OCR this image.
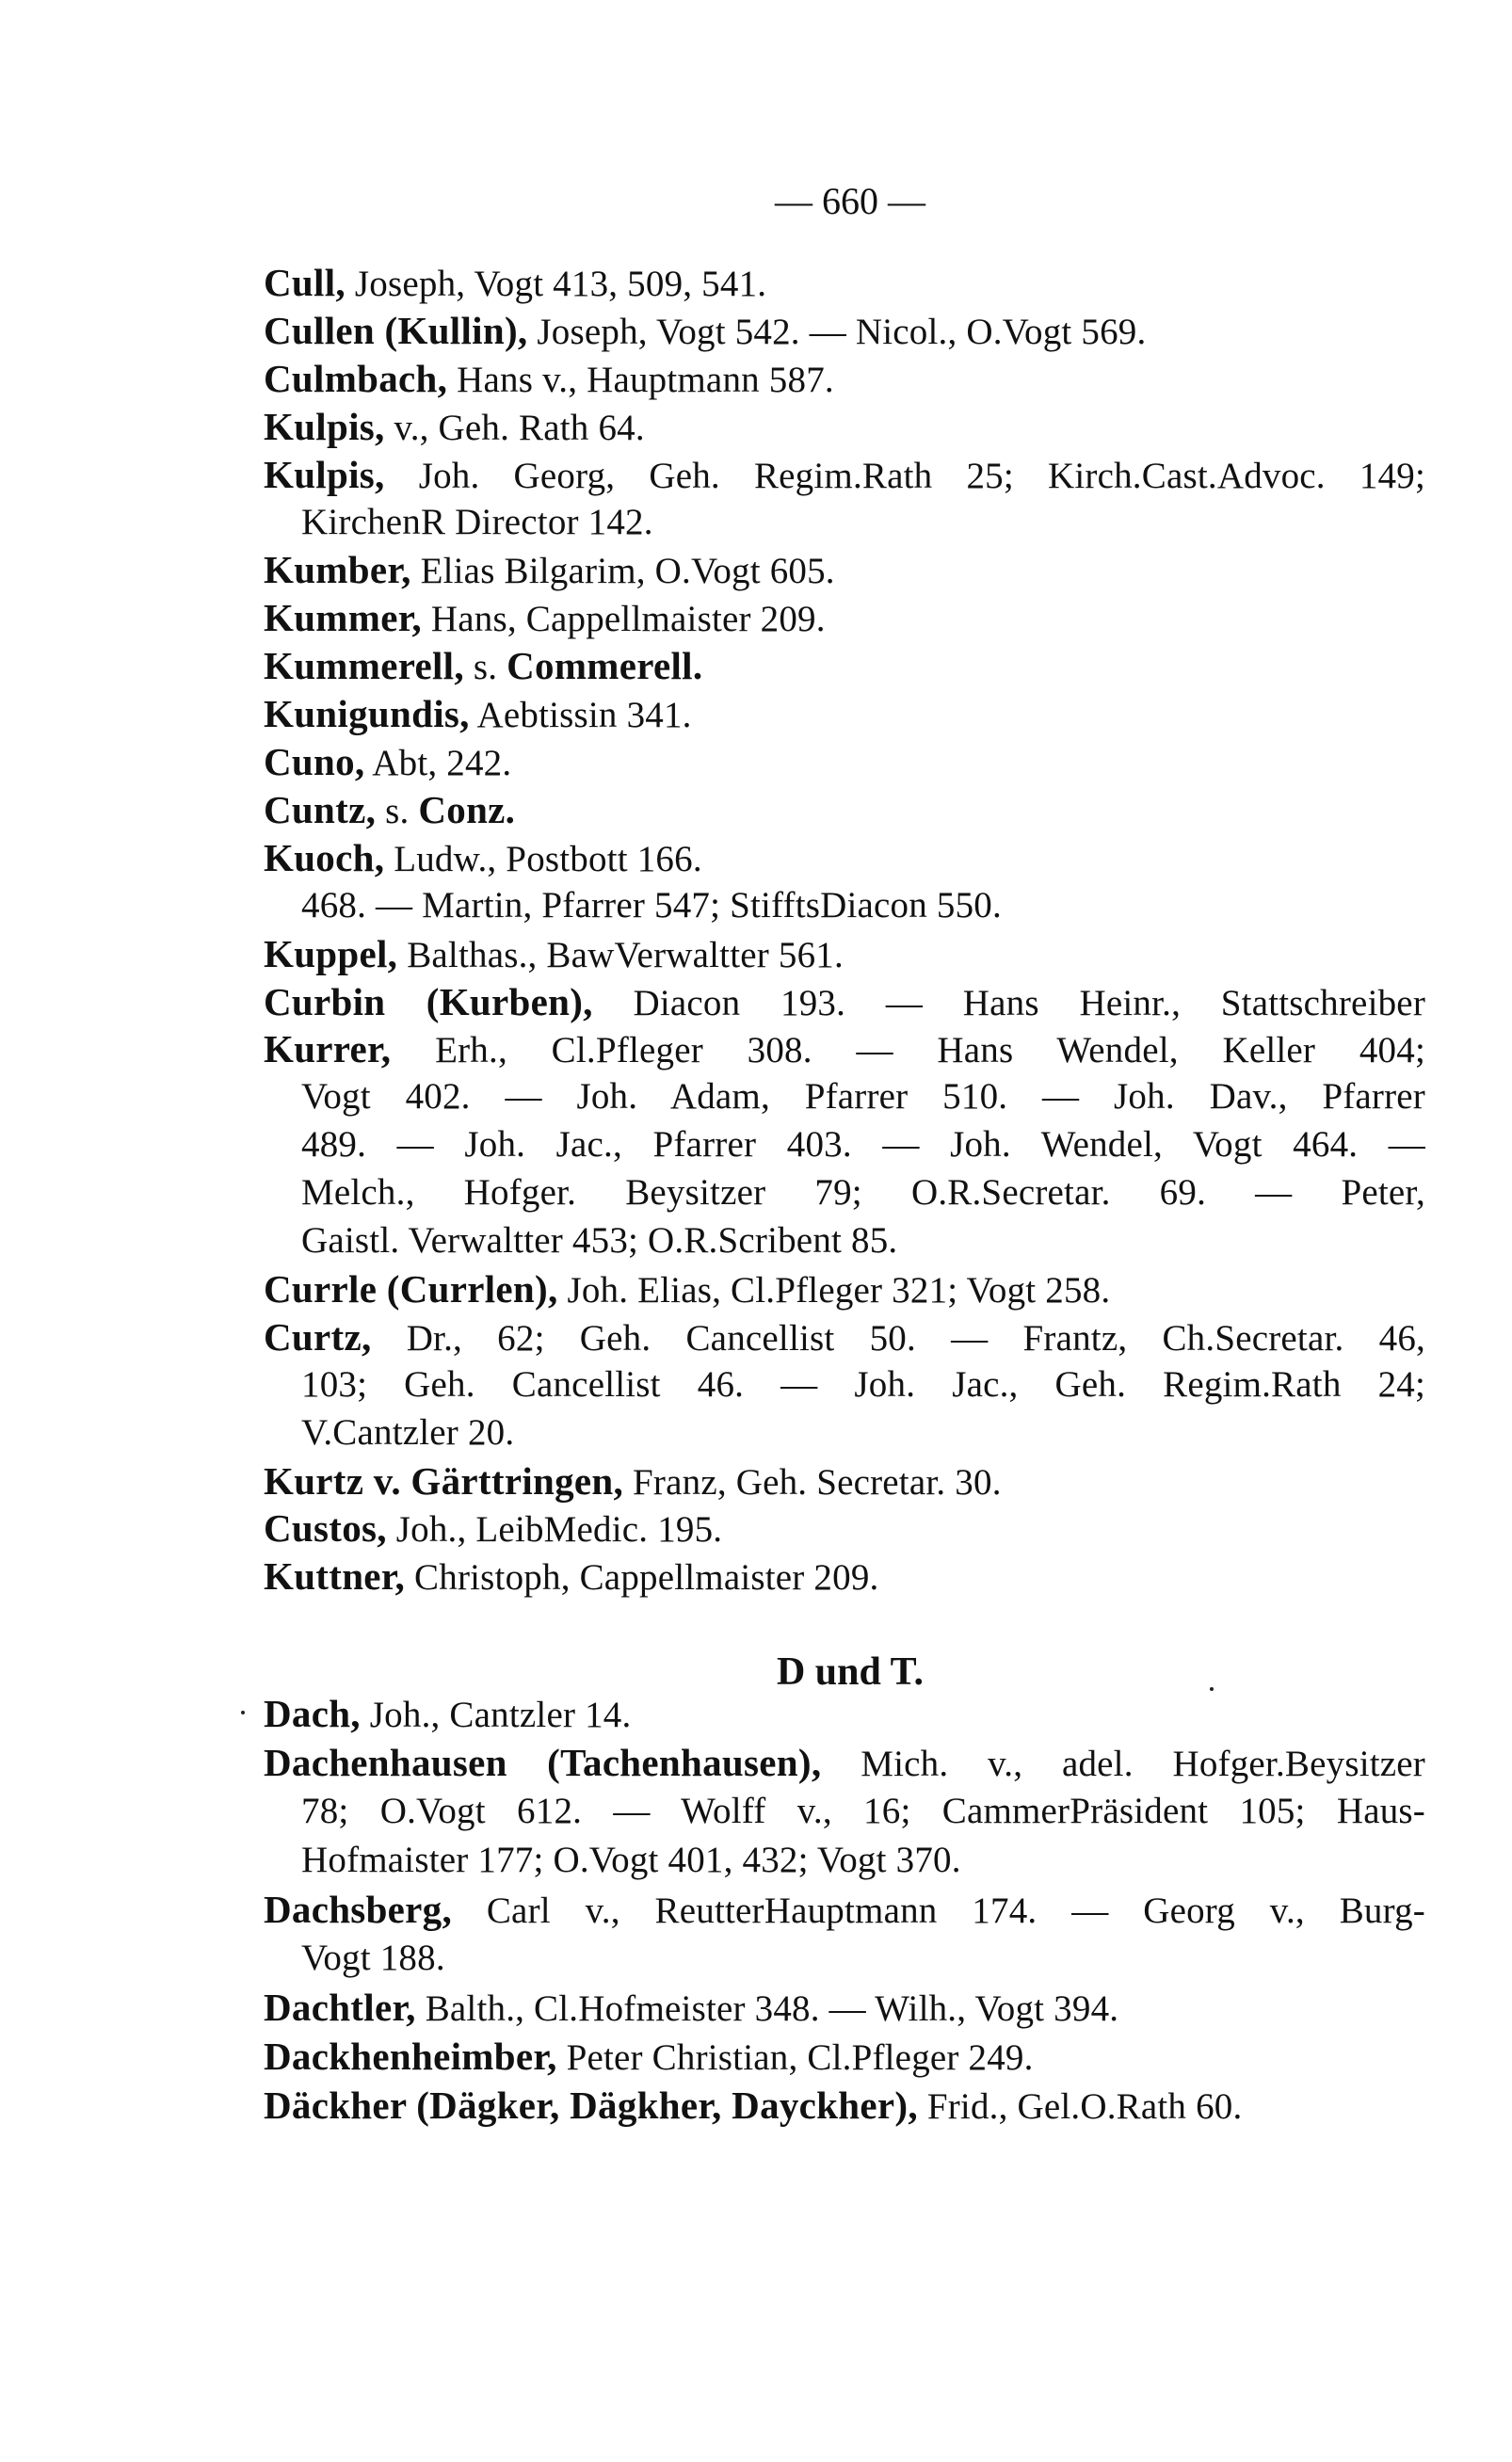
— 660 —
D und T.
Cull, Joseph, Vogt 413, 509, 541.
Cullen (Kullin), Joseph, Vogt 542. — Nicol., O.Vogt 569.
Culmbach, Hans v., Hauptmann 587.
Kulpis, v., Geh. Rath 64.
Kulpis, Joh. Georg, Geh. Regim.Rath 25; Kirch.Cast.Advoc. 149;
KirchenR Director 142.
Kumber, Elias Bilgarim, O.Vogt 605.
Kummer, Hans, Cappellmaister 209.
Kummerell, s. Commerell.
Kunigundis, Aebtissin 341.
Cuno, Abt, 242.
Cuntz, s. Conz.
Kuoch, Ludw., Postbott 166.
468. — Martin, Pfarrer 547; StifftsDiacon 550.
Kuppel, Balthas., BawVerwaltter 561.
Curbin (Kurben), Diacon 193. — Hans Heinr., Stattschreiber
Kurrer, Erh., Cl.Pfleger 308. — Hans Wendel, Keller 404;
Vogt 402. — Joh. Adam, Pfarrer 510. — Joh. Dav., Pfarrer
489. — Joh. Jac., Pfarrer 403. — Joh. Wendel, Vogt 464. —
Melch., Hofger. Beysitzer 79; O.R.Secretar. 69. — Peter,
Gaistl. Verwaltter 453; O.R.Scribent 85.
Currle (Currlen), Joh. Elias, Cl.Pfleger 321; Vogt 258.
Curtz, Dr., 62; Geh. Cancellist 50. — Frantz, Ch.Secretar. 46,
103; Geh. Cancellist 46. — Joh. Jac., Geh. Regim.Rath 24;
V.Cantzler 20.
Kurtz v. Gärttringen, Franz, Geh. Secretar. 30.
Custos, Joh., LeibMedic. 195.
Kuttner, Christoph, Cappellmaister 209.
Dach, Joh., Cantzler 14.
Dachenhausen (Tachenhausen), Mich. v., adel. Hofger.Beysitzer
78; O.Vogt 612. — Wolff v., 16; CammerPräsident 105; Haus-
Hofmaister 177; O.Vogt 401, 432; Vogt 370.
Dachsberg, Carl v., ReutterHauptmann 174. — Georg v., Burg-
Vogt 188.
Dachtler, Balth., Cl.Hofmeister 348. — Wilh., Vogt 394.
Dackhenheimber, Peter Christian, Cl.Pfleger 249.
Däckher (Dägker, Dägkher, Dayckher), Frid., Gel.O.Rath 60.
